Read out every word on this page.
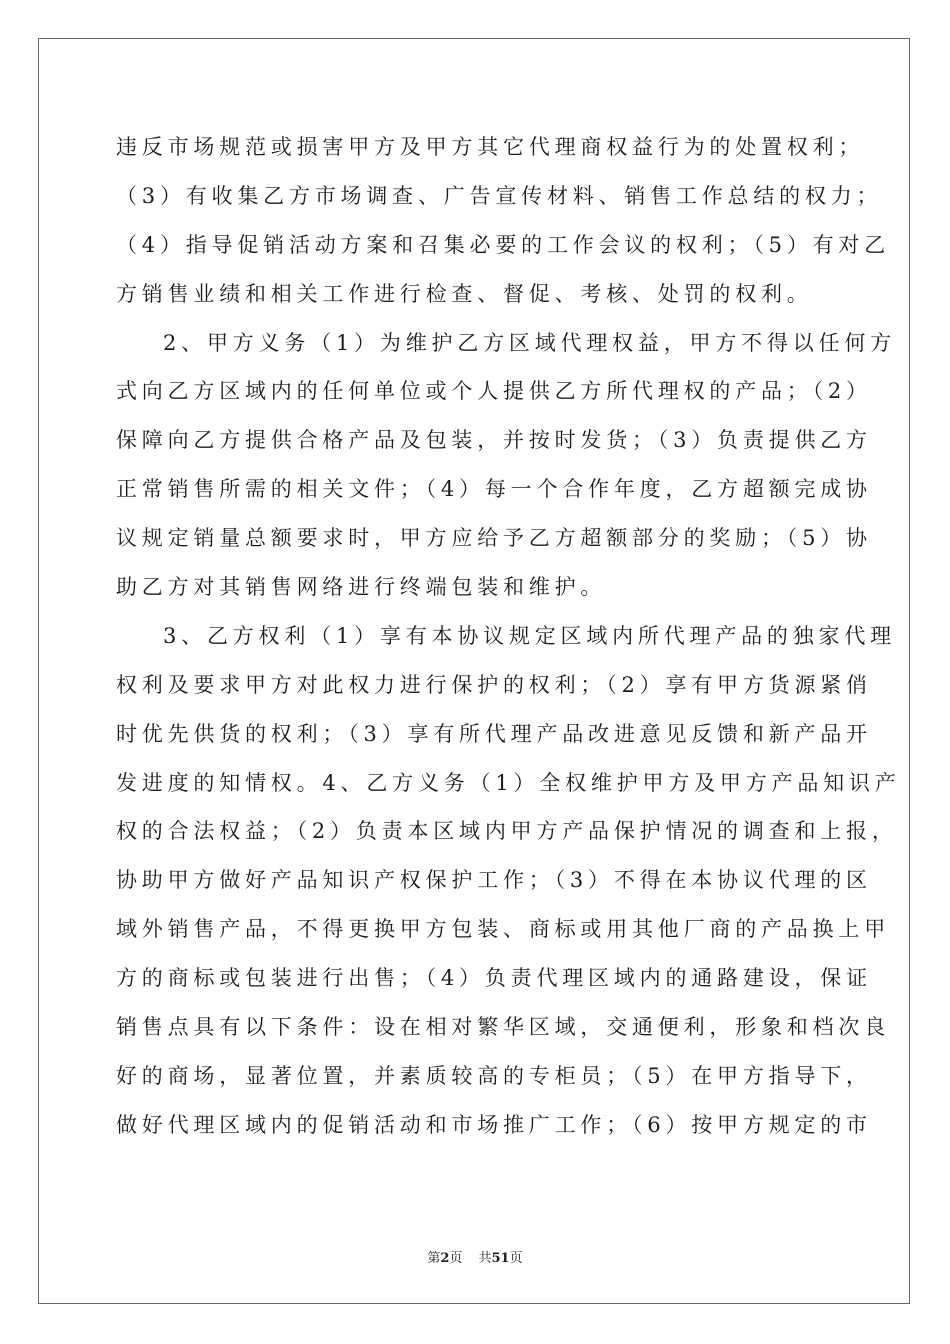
违反市场规范或损害甲方及甲方其它代理商权益行为的处置权利；
（3）有收集乙方市场调查、广告宣传材料、销售工作总结的权力；
（4）指导促销活动方案和召集必要的工作会议的权利；（5）有对乙
方销售业绩和相关工作进行检查、督促、考核、处罚的权利。
2、甲方义务（1）为维护乙方区域代理权益，甲方不得以任何方
式向乙方区域内的任何单位或个人提供乙方所代理权的产品；（2）
保障向乙方提供合格产品及包装，并按时发货；（3）负责提供乙方
正常销售所需的相关文件；（4）每一个合作年度，乙方超额完成协
议规定销量总额要求时，甲方应给予乙方超额部分的奖励；（5）协
助乙方对其销售网络进行终端包装和维护。
3、乙方权利（1）享有本协议规定区域内所代理产品的独家代理
权利及要求甲方对此权力进行保护的权利；（2）享有甲方货源紧俏
时优先供货的权利；（3）享有所代理产品改进意见反馈和新产品开
发进度的知情权。4、乙方义务（1）全权维护甲方及甲方产品知识产
权的合法权益；（2）负责本区域内甲方产品保护情况的调查和上报，
协助甲方做好产品知识产权保护工作；（3）不得在本协议代理的区
域外销售产品，不得更换甲方包装、商标或用其他厂商的产品换上甲
方的商标或包装进行出售；（4）负责代理区域内的通路建设，保证
销售点具有以下条件：设在相对繁华区域，交通便利，形象和档次良
好的商场，显著位置，并素质较高的专柜员；（5）在甲方指导下，
做好代理区域内的促销活动和市场推广工作；（6）按甲方规定的市
第2页 共51页
